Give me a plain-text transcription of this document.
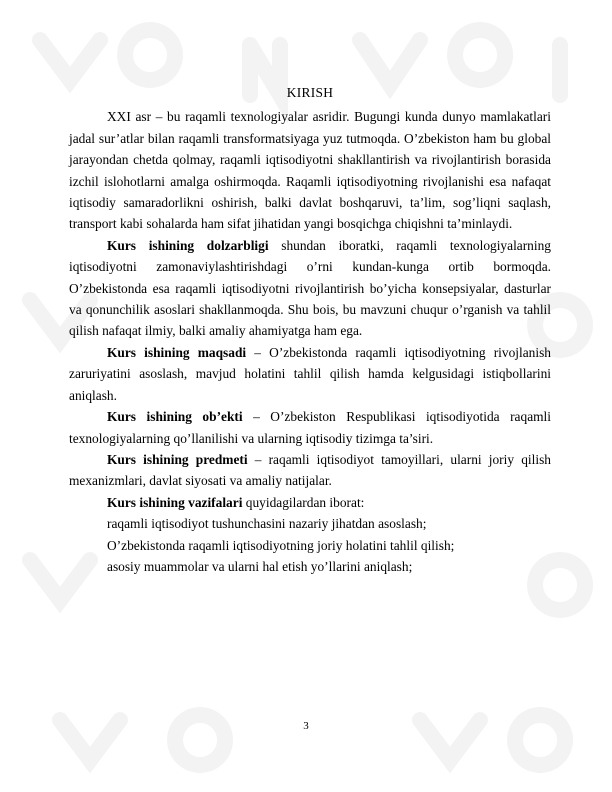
KIRISH

XXI asr – bu raqamli texnologiyalar asridir. Bugungi kunda dunyo mamlakatlari jadal sur’atlar bilan raqamli transformatsiyaga yuz tutmoqda. O’zbekiston ham bu global jarayondan chetda qolmay, raqamli iqtisodiyotni shakllantirish va rivojlantirish borasida izchil islohotlarni amalga oshirmoqda. Raqamli iqtisodiyotning rivojlanishi esa nafaqat iqtisodiy samaradorlikni oshirish, balki davlat boshqaruvi, ta’lim, sog’liqni saqlash, transport kabi sohalarda ham sifat jihatidan yangi bosqichga chiqishni ta’minlaydi.

Kurs ishining dolzarbligi shundan iboratki, raqamli texnologiyalarning iqtisodiyotni zamonaviylashtirishdagi o’rni kundan-kunga ortib bormoqda. O’zbekistonda esa raqamli iqtisodiyotni rivojlantirish bo’yicha konsepsiyalar, dasturlar va qonunchilik asoslari shakllanmoqda. Shu bois, bu mavzuni chuqur o’rganish va tahlil qilish nafaqat ilmiy, balki amaliy ahamiyatga ham ega.

Kurs ishining maqsadi – O’zbekistonda raqamli iqtisodiyotning rivojlanish zaruriyatini asoslash, mavjud holatini tahlil qilish hamda kelgusidagi istiqbollarini aniqlash.

Kurs ishining ob’ekti – O’zbekiston Respublikasi iqtisodiyotida raqamli texnologiyalarning qo’llanilishi va ularning iqtisodiy tizimga ta’siri.

Kurs ishining predmeti – raqamli iqtisodiyot tamoyillari, ularni joriy qilish mexanizmlari, davlat siyosati va amaliy natijalar.

Kurs ishining vazifalari quyidagilardan iborat:

raqamli iqtisodiyot tushunchasini nazariy jihatdan asoslash;

O’zbekistonda raqamli iqtisodiyotning joriy holatini tahlil qilish;

asosiy muammolar va ularni hal etish yo’llarini aniqlash;

3
